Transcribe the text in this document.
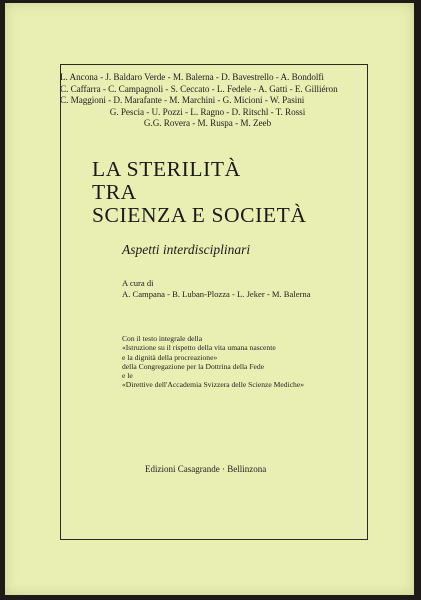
L. Ancona - J. Baldaro Verde - M. Balerna - D. Bavestrello - A. Bondolfi
C. Caffarra - C. Campagnoli - S. Ceccato - L. Fedele - A. Gatti - E. Gilliéron
C. Maggioni - D. Marafante - M. Marchini - G. Micioni - W. Pasini
G. Pescia - U. Pozzi - L. Ragno - D. Ritschl - T. Rossi
G.G. Rovera - M. Ruspa - M. Zeeb
LA STERILITÀ
TRA
SCIENZA E SOCIETÀ
Aspetti interdisciplinari
A cura di
A. Campana - B. Luban-Plozza - L. Jeker - M. Balerna
Con il testo integrale della
«Istruzione su il rispetto della vita umana nascente
e la dignità della procreazione»
della Congregazione per la Dottrina della Fede
e le
«Direttive dell'Accademia Svizzera delle Scienze Mediche»
Edizioni Casagrande · Bellinzona
